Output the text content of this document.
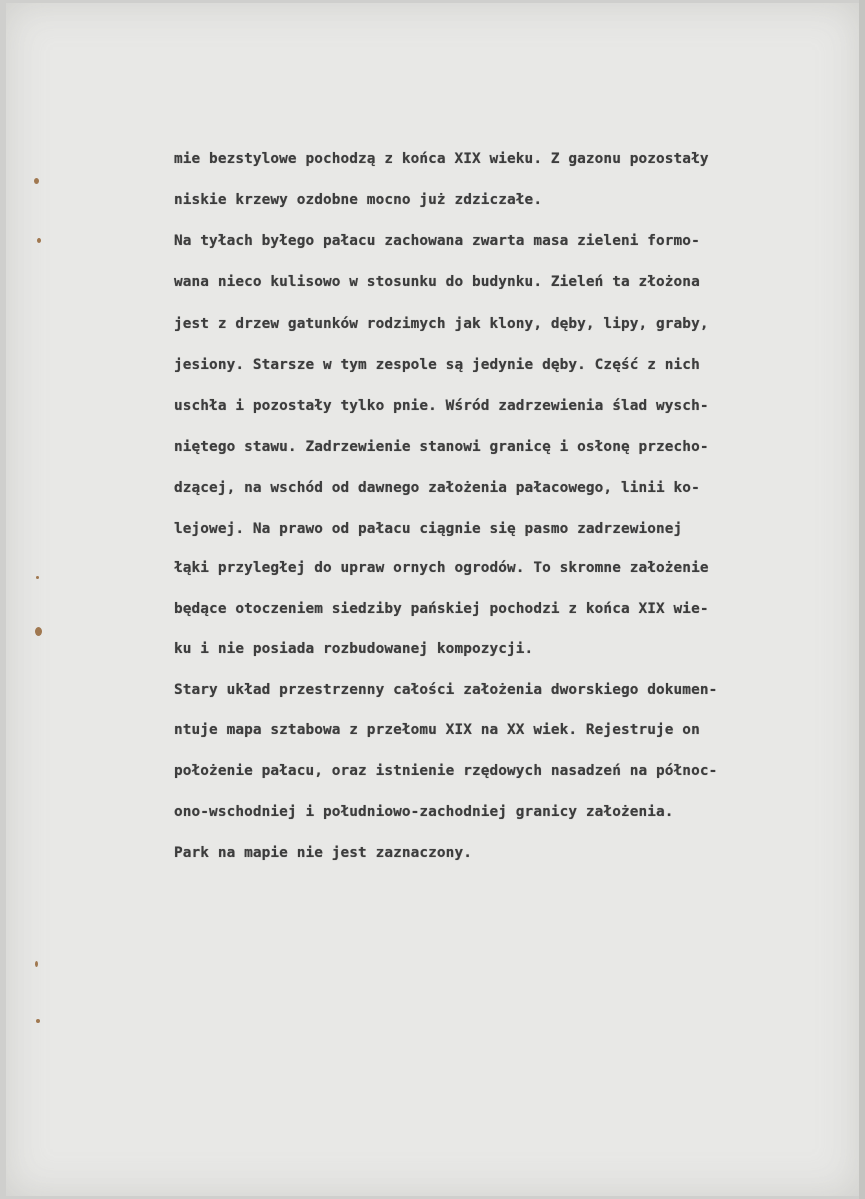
mie bezstylowe pochodzą z końca XIX wieku. Z gazonu pozostały
niskie krzewy ozdobne mocno już zdziczałe.
Na tyłach byłego pałacu zachowana zwarta masa zieleni formo-
wana nieco kulisowo w stosunku do budynku. Zieleń ta złożona
jest z drzew gatunków rodzimych jak klony, dęby, lipy, graby,
jesiony. Starsze w tym zespole są jedynie dęby. Część z nich
uschła i pozostały tylko pnie. Wśród zadrzewienia ślad wysch-
niętego stawu. Zadrzewienie stanowi granicę i osłonę przecho-
dzącej, na wschód od dawnego założenia pałacowego, linii ko-
lejowej. Na prawo od pałacu ciągnie się pasmo zadrzewionej
łąki przyległej do upraw ornych ogrodów. To skromne założenie
będące otoczeniem siedziby pańskiej pochodzi z końca XIX wie-
ku i nie posiada rozbudowanej kompozycji.
Stary układ przestrzenny całości założenia dworskiego dokumen-
ntuje mapa sztabowa z przełomu XIX na XX wiek. Rejestruje on
położenie pałacu, oraz istnienie rzędowych nasadzeń na północ-
ono-wschodniej i południowo-zachodniej granicy założenia.
Park na mapie nie jest zaznaczony.
